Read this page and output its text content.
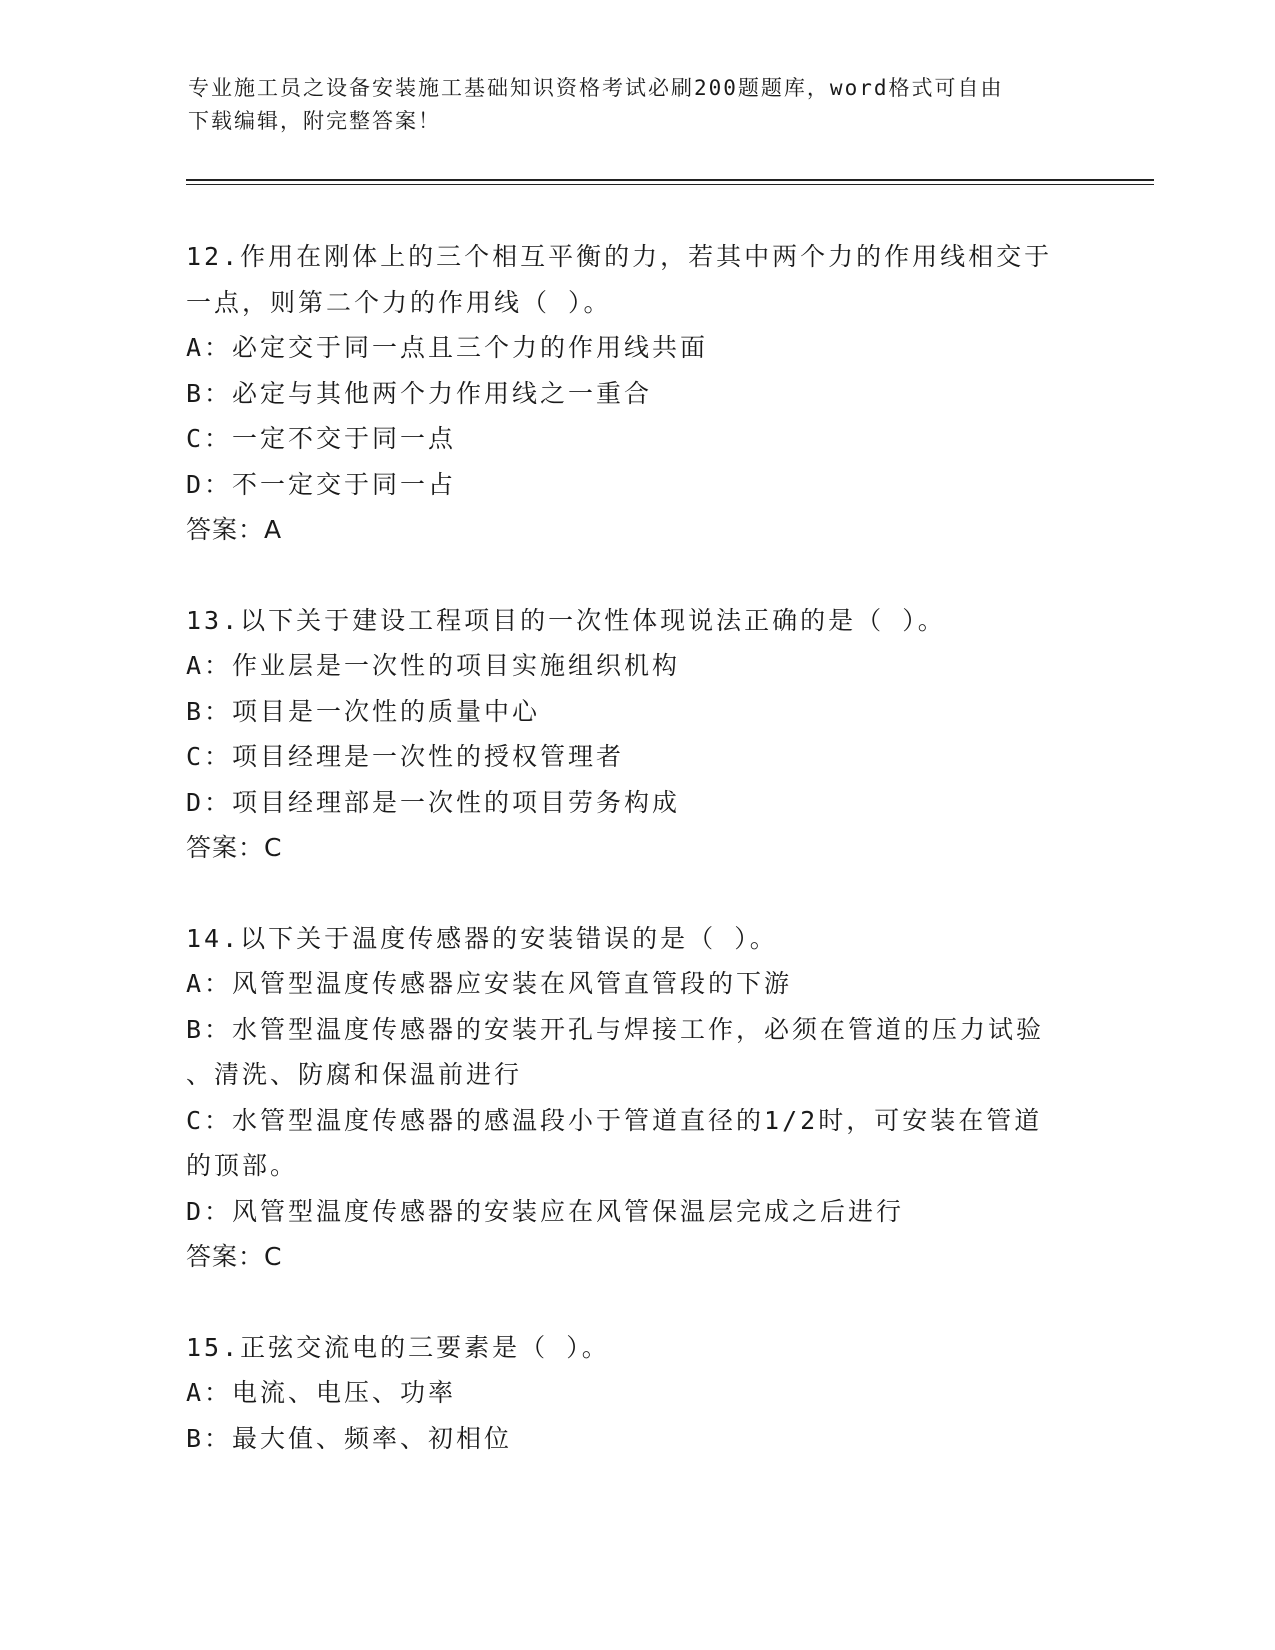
专业施工员之设备安装施工基础知识资格考试必刷200题题库，word格式可自由
下载编辑，附完整答案！
12.作用在刚体上的三个相互平衡的力，若其中两个力的作用线相交于
一点，则第二个力的作用线（ ）。
A：必定交于同一点且三个力的作用线共面
B：必定与其他两个力作用线之一重合
C：一定不交于同一点
D：不一定交于同一占
答案：A
13.以下关于建设工程项目的一次性体现说法正确的是（ ）。
A：作业层是一次性的项目实施组织机构
B：项目是一次性的质量中心
C：项目经理是一次性的授权管理者
D：项目经理部是一次性的项目劳务构成
答案：C
14.以下关于温度传感器的安装错误的是（ ）。
A：风管型温度传感器应安装在风管直管段的下游
B：水管型温度传感器的安装开孔与焊接工作，必须在管道的压力试验
、清洗、防腐和保温前进行
C：水管型温度传感器的感温段小于管道直径的1/2时，可安装在管道
的顶部。
D：风管型温度传感器的安装应在风管保温层完成之后进行
答案：C
15.正弦交流电的三要素是（ ）。
A：电流、电压、功率
B：最大值、频率、初相位
